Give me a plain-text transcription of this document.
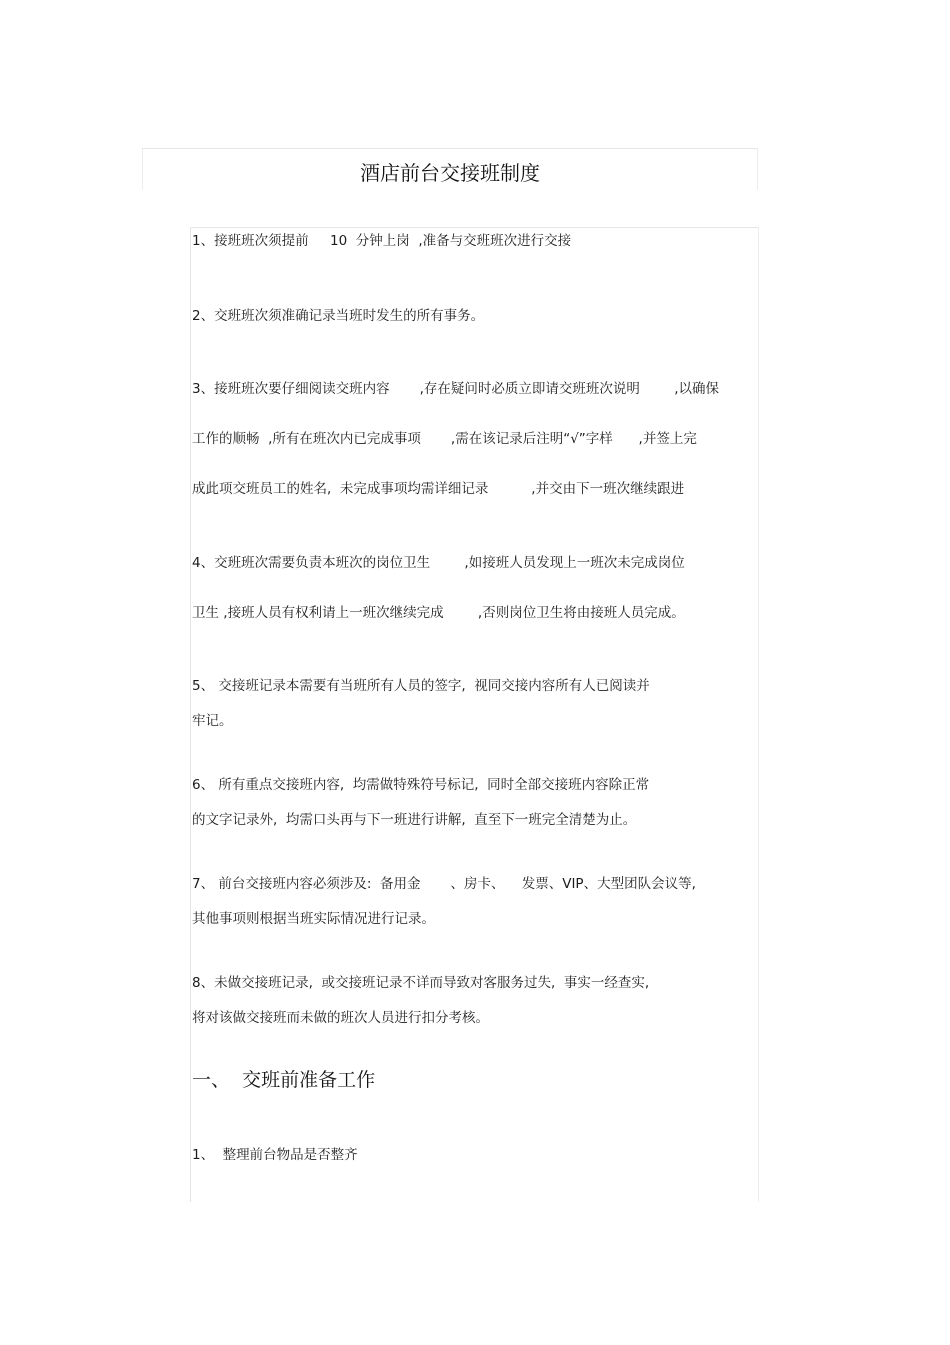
酒店前台交接班制度
1、接班班次须提前     10  分钟上岗  ,准备与交班班次进行交接
2、交班班次须准确记录当班时发生的所有事务。
3、接班班次要仔细阅读交班内容       ,存在疑问时必质立即请交班班次说明        ,以确保
工作的顺畅  ,所有在班次内已完成事项       ,需在该记录后注明“√”字样      ,并签上完
成此项交班员工的姓名,  未完成事项均需详细记录          ,并交由下一班次继续跟进
4、交班班次需要负责本班次的岗位卫生        ,如接班人员发现上一班次未完成岗位
卫生 ,接班人员有权利请上一班次继续完成        ,否则岗位卫生将由接班人员完成。
5、 交接班记录本需要有当班所有人员的签字,  视同交接内容所有人已阅读并
牢记。
6、 所有重点交接班内容,  均需做特殊符号标记,  同时全部交接班内容除正常
的文字记录外,  均需口头再与下一班进行讲解,  直至下一班完全清楚为止。
7、 前台交接班内容必须涉及:  备用金       、房卡、    发票、VIP、大型团队会议等,
其他事项则根据当班实际情况进行记录。
8、未做交接班记录,  或交接班记录不详而导致对客服务过失,  事实一经查实,
将对该做交接班而未做的班次人员进行扣分考核。
一、  交班前准备工作
1、  整理前台物品是否整齐
